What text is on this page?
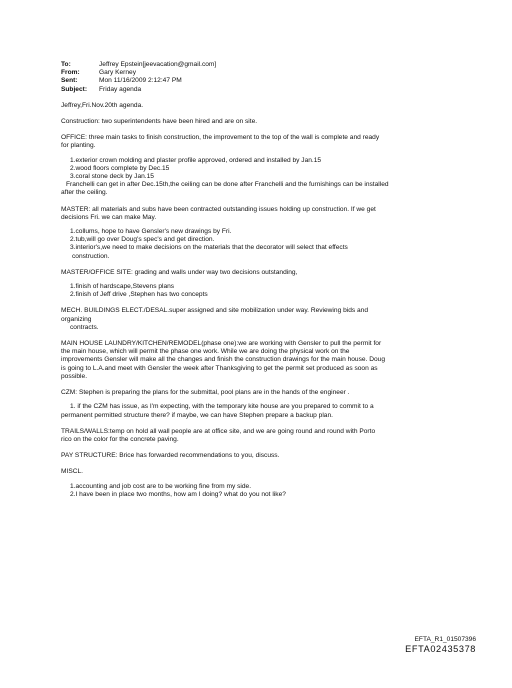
To:	Jeffrey Epstein[jeevacation@gmail.com]
From:	Gary Kerney
Sent:	Mon 11/16/2009 2:12:47 PM
Subject:	Friday agenda

Jeffrey,Fri.Nov.20th agenda.

Construction: two superintendents have been hired and are on site.

OFFICE: three main tasks to finish construction, the improvement to the top of the wall is complete and ready

for planting.

1.exterior crown molding and plaster profile approved, ordered and installed by Jan.15

2.wood floors complete by Dec.15

3.coral stone deck by Jan.15

Franchelli can get in after Dec.15th,the ceiling can be done after Franchelli and the furnishings can be installed

after the ceiling.

MASTER: all materials and subs have been contracted outstanding issues holding up construction. If we get

decisions Fri. we can make May.

1.collums, hope to have Gensler's new drawings by Fri.

2.tub,will go over Doug's spec's and get direction.

3.interior's,we need to make decisions on the materials that the decorator will select that effects

construction.

MASTER/OFFICE SITE: grading and walls under way two decisions outstanding,

1.finish of hardscape,Stevens plans

2.finish of Jeff drive ,Stephen has two concepts

MECH. BUILDINGS ELECT./DESAL.super assigned and site mobilization under way. Reviewing bids and

organizing

contracts.

MAIN HOUSE LAUNDRY/KITCHEN/REMODEL(phase one):we are working with Gensler to pull the permit for

the main house, which will permit the phase one work. While we are doing the physical work on the

improvements Gensler will make all the changes and finish the construction drawings for the main house. Doug

is going to L.A.and meet with Gensler the week after Thanksgiving to get the permit set produced as soon as

possible.

CZM: Stephen is preparing the plans for the submittal, pool plans are in the hands of the engineer .

1. if the CZM has issue, as I'm expecting, with the temporary kite house are you prepared to commit to a

permanent permitted structure there? if maybe, we can have Stephen prepare a backup plan.

TRAILS/WALLS:temp on hold all wall people are at office site, and we are going round and round with Porto

rico on the color for the concrete paving.

PAY STRUCTURE: Brice has forwarded recommendations to you, discuss.

MISCL.

1.accounting and job cost are to be working fine from my side.

2.I have been in place two months, how am I doing? what do you not like?

EFTA_R1_01507396
EFTA02435378
